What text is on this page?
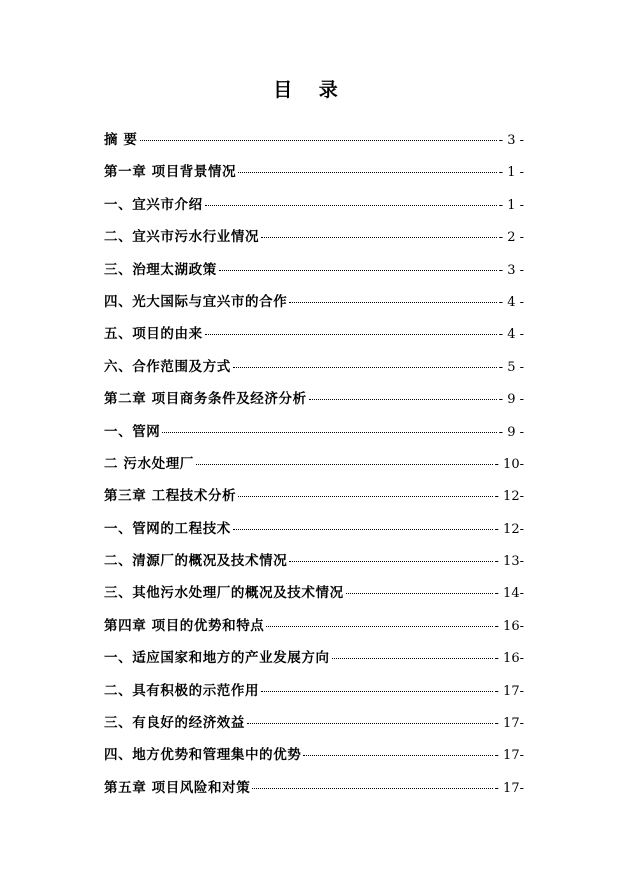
目 录
摘 要	- 3 -
第一章 项目背景情况	- 1 -
一、宜兴市介绍	- 1 -
二、宜兴市污水行业情况	- 2 -
三、治理太湖政策	- 3 -
四、光大国际与宜兴市的合作	- 4 -
五、项目的由来	- 4 -
六、合作范围及方式	- 5 -
第二章 项目商务条件及经济分析	- 9 -
一、管网	- 9 -
二 污水处理厂	- 10-
第三章 工程技术分析	- 12-
一、管网的工程技术	- 12-
二、清源厂的概况及技术情况	- 13-
三、其他污水处理厂的概况及技术情况	- 14-
第四章 项目的优势和特点	- 16-
一、适应国家和地方的产业发展方向	- 16-
二、具有积极的示范作用	- 17-
三、有良好的经济效益	- 17-
四、地方优势和管理集中的优势	- 17-
第五章 项目风险和对策	- 17-
